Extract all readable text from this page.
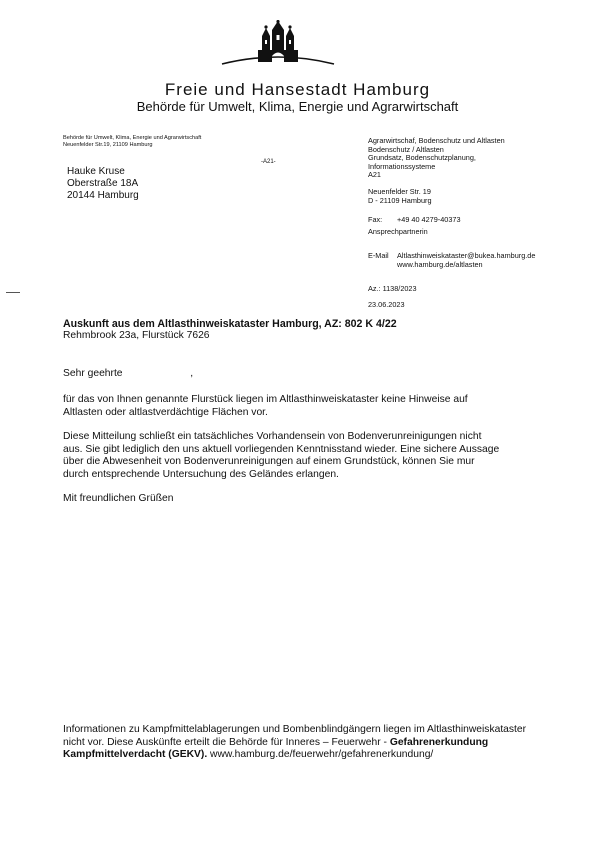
Freie und Hansestadt Hamburg
Behörde für Umwelt, Klima, Energie und Agrarwirtschaft
Behörde für Umwelt, Klima, Energie und Agrarwirtschaft
Neuenfelder Str.19, 21109 Hamburg
-A21-
Hauke Kruse
Oberstraße 18A
20144 Hamburg
Agrarwirtschaf, Bodenschutz und Altlasten
Bodenschutz / Altlasten
Grundsatz, Bodenschutzplanung,
Informationssysteme
A21
Neuenfelder Str. 19
D - 21109 Hamburg
Fax: +49 40 4279-40373
Ansprechpartnerin
E-Mail Altlasthinweiskataster@bukea.hamburg.de
www.hamburg.de/altlasten
Az.: 1138/2023
23.06.2023
Auskunft aus dem Altlasthinweiskataster Hamburg, AZ: 802 K 4/22
Rehmbrook 23a, Flurstück 7626
Sehr geehrte	,
für das von Ihnen genannte Flurstück liegen im Altlasthinweiskataster keine Hinweise auf
Altlasten oder altlastverdächtige Flächen vor.
Diese Mitteilung schließt ein tatsächliches Vorhandensein von Bodenverunreinigungen nicht
aus. Sie gibt lediglich den uns aktuell vorliegenden Kenntnisstand wieder. Eine sichere Aussage
über die Abwesenheit von Bodenverunreinigungen auf einem Grundstück, können Sie mur
durch entsprechende Untersuchung des Geländes erlangen.
Mit freundlichen Grüßen
Informationen zu Kampfmittelablagerungen und Bombenblindgängern liegen im Altlasthinweiskataster
nicht vor. Diese Auskünfte erteilt die Behörde für Inneres – Feuerwehr - Gefahrenerkundung
Kampfmittelverdacht (GEKV). www.hamburg.de/feuerwehr/gefahrenerkundung/
